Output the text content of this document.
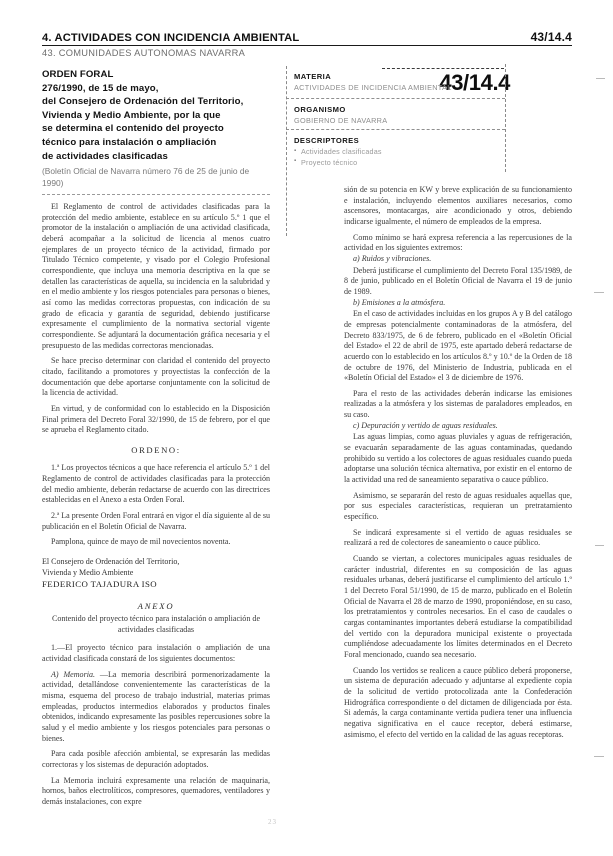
4. ACTIVIDADES CON INCIDENCIA AMBIENTAL	43/14.4
43. COMUNIDADES AUTONOMAS NAVARRA
43/14.4
MATERIA
ACTIVIDADES DE INCIDENCIA AMBIENTAL
ORGANISMO
GOBIERNO DE NAVARRA
DESCRIPTORES
▪ Actividades clasificadas
▪ Proyecto técnico
ORDEN FORAL
276/1990, de 15 de mayo,
del Consejero de Ordenación del Territorio,
Vivienda y Medio Ambiente, por la que
se determina el contenido del proyecto
técnico para instalación o ampliación
de actividades clasificadas
(Boletín Oficial de Navarra número 76 de 25 de junio de 1990)

El Reglamento de control de actividades clasificadas para la protección del medio ambiente, establece en su artículo 5.º 1 que el promotor de la instalación o ampliación de una actividad clasificada, deberá acompañar a la solicitud de licencia al menos cuatro ejemplares de un proyecto técnico de la actividad, firmado por Titulado Técnico competente, y visado por el Colegio Profesional correspondiente, que incluya una memoria descriptiva en la que se detallen las características de aquella, su incidencia en la salubridad y en el medio ambiente y los riesgos potenciales para personas o bienes, así como las medidas correctoras propuestas, con indicación de su grado de eficacia y garantía de seguridad, debiendo justificarse expresamente el cumplimiento de la normativa sectorial vigente correspondiente. Se adjuntará la documentación gráfica necesaria y el presupuesto de las medidas correctoras mencionadas.

Se hace preciso determinar con claridad el contenido del proyecto citado, facilitando a promotores y proyectistas la confección de la documentación que debe aportarse conjuntamente con la solicitud de la licencia de actividad.

En virtud, y de conformidad con lo establecido en la Disposición Final primera del Decreto Foral 32/1990, de 15 de febrero, por el que se aprueba el Reglamento citado.

ORDENO:

1.ª Los proyectos técnicos a que hace referencia el artículo 5.º 1 del Reglamento de control de actividades clasificadas para la protección del medio ambiente, deberán redactarse de acuerdo con las directrices establecidas en el Anexo a esta Orden Foral.

2.ª La presente Orden Foral entrará en vigor el día siguiente al de su publicación en el Boletín Oficial de Navarra.

Pamplona, quince de mayo de mil novecientos noventa.

El Consejero de Ordenación del Territorio,
Vivienda y Medio Ambiente
FEDERICO TAJADURA ISO
ANEXO
Contenido del proyecto técnico para instalación o ampliación de actividades clasificadas

1.—El proyecto técnico para instalación o ampliación de una actividad clasificada constará de los siguientes documentos:

A) Memoria. —La memoria describirá pormenorizadamente la actividad, detallándose convenientemente las características de la misma, esquema del proceso de trabajo industrial, materias primas empleadas, productos intermedios elaborados y productos finales obtenidos, indicando expresamente las posibles repercusiones sobre la salud y el medio ambiente y los riesgos potenciales para personas o bienes.

Para cada posible afección ambiental, se expresarán las medidas correctoras y los sistemas de depuración adoptados.

La Memoria incluirá expresamente una relación de maquinaria, hornos, baños electrolíticos, compresores, quemadores, ventiladores y demás instalaciones, con expre

sión de su potencia en KW y breve explicación de su funcionamiento e instalación, incluyendo elementos auxiliares necesarios, como ascensores, montacargas, aire acondicionado y otros, debiendo indicarse igualmente, el número de empleados de la empresa.

Como mínimo se hará expresa referencia a las repercusiones de la actividad en los siguientes extremos:

a) Ruidos y vibraciones.

Deberá justificarse el cumplimiento del Decreto Foral 135/1989, de 8 de junio, publicado en el Boletín Oficial de Navarra el 19 de junio de 1989.

b) Emisiones a la atmósfera.

En el caso de actividades incluidas en los grupos A y B del catálogo de empresas potencialmente contaminadoras de la atmósfera, del Decreto 833/1975, de 6 de febrero, publicado en el «Boletín Oficial del Estado» el 22 de abril de 1975, este apartado deberá redactarse de acuerdo con lo establecido en los artículos 8.º y 10.º de la Orden de 18 de octubre de 1976, del Ministerio de Industria, publicada en el «Boletín Oficial del Estado» el 3 de diciembre de 1976.

Para el resto de las actividades deberán indicarse las emisiones realizadas a la atmósfera y los sistemas de paraladores empleados, en su caso.

c) Depuración y vertido de aguas residuales.

Las aguas limpias, como aguas pluviales y aguas de refrigeración, se evacuarán separadamente de las aguas contaminadas, quedando prohibido su vertido a los colectores de aguas residuales cuando pueda adoptarse una solución técnica alternativa, por existir en el entorno de la actividad una red de saneamiento separativa o cauce público.

Asimismo, se separarán del resto de aguas residuales aquellas que, por sus especiales características, requieran un pretratamiento específico.

Se indicará expresamente si el vertido de aguas residuales se realizará a red de colectores de saneamiento o cauce público.

Cuando se viertan, a colectores municipales aguas residuales de carácter industrial, diferentes en su composición de las aguas residuales urbanas, deberá justificarse el cumplimiento del artículo 1.º 1 del Decreto Foral 51/1990, de 15 de marzo, publicado en el Boletín Oficial de Navarra el 28 de marzo de 1990, proponiéndose, en su caso, los pretratamientos y controles necesarios. En el caso de caudales o cargas contaminantes importantes deberá estudiarse la compatibilidad del vertido con la depuradora municipal existente o proyectada cumpliéndose adecuadamente los límites determinados en el Decreto Foral mencionado, cuando sea necesario.

Cuando los vertidos se realicen a cauce público deberá proponerse, un sistema de depuración adecuado y adjuntarse al expediente copia de la solicitud de vertido protocolizada ante la Confederación Hidrográfica correspondiente o del dictamen de diligenciada por ésta. Si además, la carga contaminante vertida pudiera tener una influencia negativa significativa en el cauce receptor, deberá estimarse, asimismo, el efecto del vertido en la calidad de las aguas receptoras.

23
